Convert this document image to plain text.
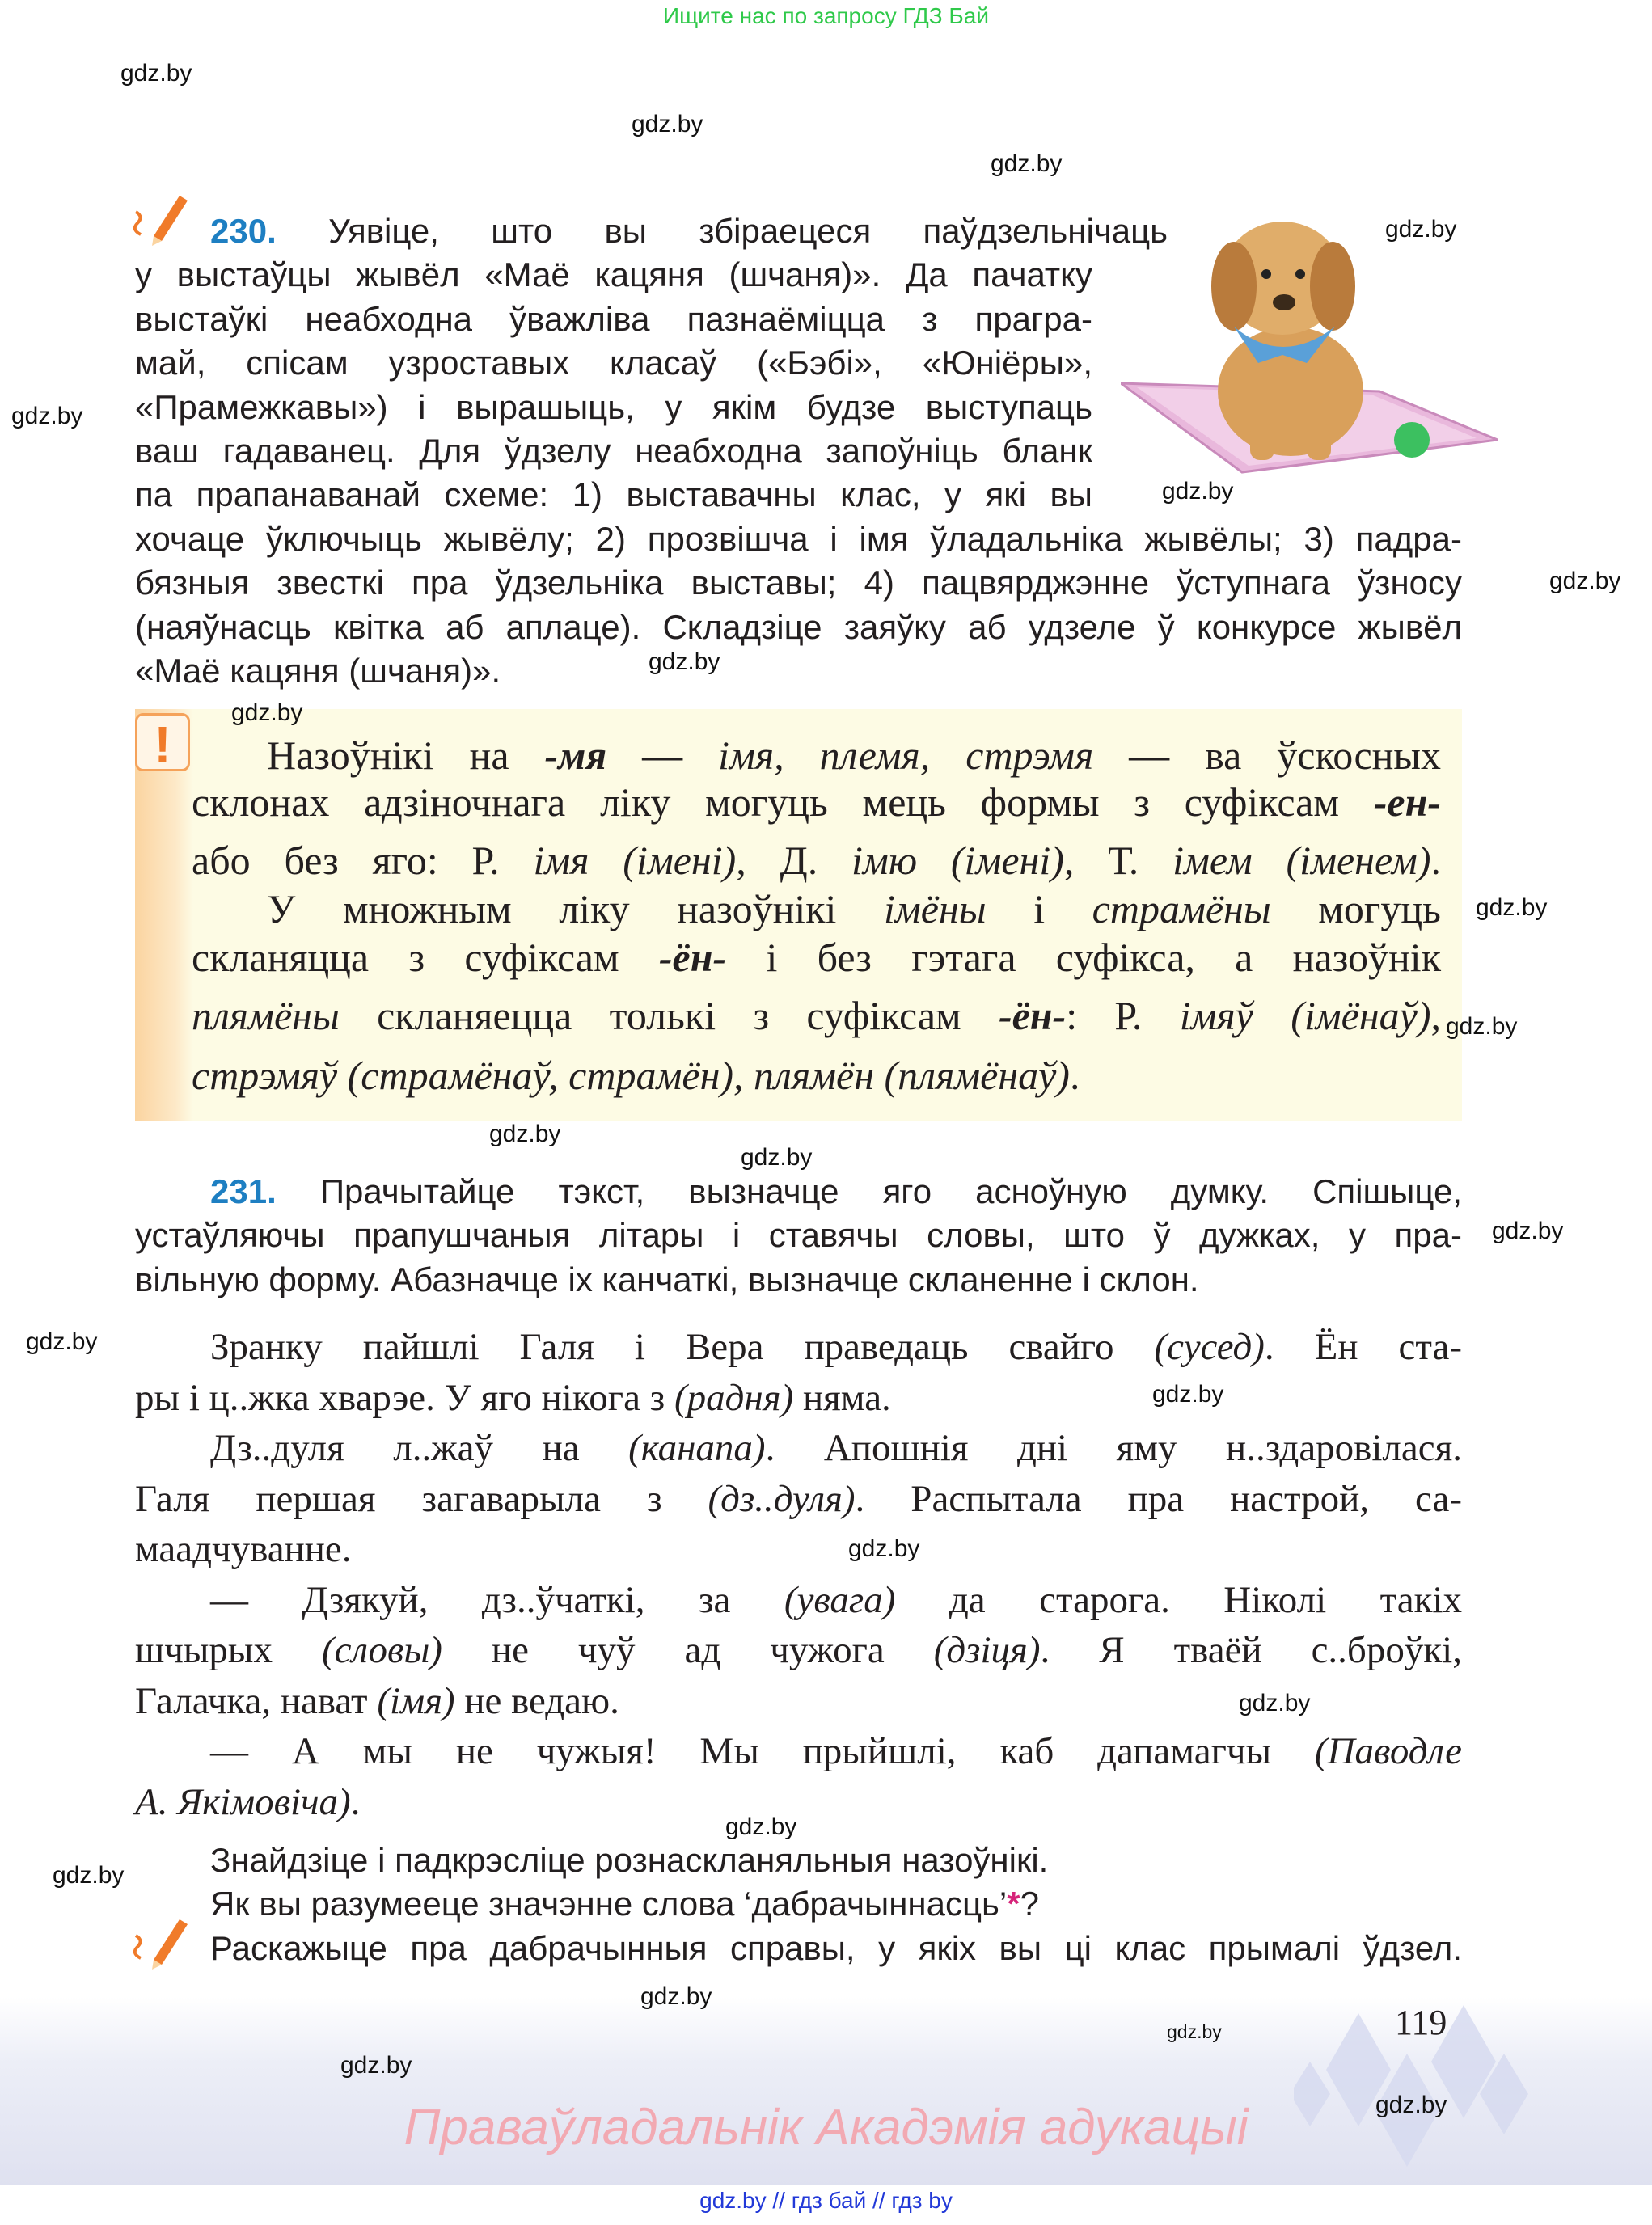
Ищите нас по запросу ГДЗ Бай
230. Уявіце, што вы збіраецеся паўдзельнічаць
у выстаўцы жывёл «Маё кацяня (шчаня)». Да пачатку
выстаўкі неабходна ўважліва пазнаёміцца з прагра-
май, спісам узроставых класаў («Бэбі», «Юніёры»,
«Прамежкавы») і вырашыць, у якім будзе выступаць
ваш гадаванец. Для ўдзелу неабходна запоўніць бланк
па прапанаванай схеме: 1) выставачны клас, у які вы
хочаце ўключыць жывёлу; 2) прозвішча і імя ўладальніка жывёлы; 3) падра-
бязныя звесткі пра ўдзельніка выставы; 4) пацвярджэнне ўступнага ўзносу
(наяўнасць квітка аб аплаце). Складзіце заяўку аб удзеле ў конкурсе жывёл
«Маё кацяня (шчаня)».
!	Назоўнікі на -мя — імя, племя, стрэмя — ва ўскосных
склонах адзіночнага ліку могуць мець формы з суфіксам -ен-
або без яго: Р. імя (імені), Д. імю (імені), Т. імем (іменем).
У множным ліку назоўнікі імёны і страмёны могуць
скланяцца з суфіксам -ён- і без гэтага суфікса, а назоўнік
плямёны скланяецца толькі з суфіксам -ён-: Р. імяў (імёнаў),
стрэмяў (страмёнаў, страмён), плямён (плямёнаў).
231. Прачытайце тэкст, вызначце яго асноўную думку. Спішыце,
устаўляючы прапушчаныя літары і ставячы словы, што ў дужках, у пра-
вільную форму. Абазначце іх канчаткі, вызначце скланенне і склон.
Зранку пайшлі Галя і Вера праведаць свайго (сусед). Ён ста-
ры і ц..жка хварэе. У яго нікога з (радня) няма.
Дз..дуля л..жаў на (канапа). Апошнія дні яму н..здаровілася.
Галя першая загаварыла з (дз..дуля). Распытала пра настрой, са-
маадчуванне.
— Дзякуй, дз..ўчаткі, за (увага) да старога. Ніколі такіх
шчырых (словы) не чуў ад чужога (дзіця). Я тваёй с..броўкі,
Галачка, нават (імя) не ведаю.
— А мы не чужыя! Мы прыйшлі, каб дапамагчы (Паводле
А. Якімовіча).
Знайдзіце і падкрэсліце рознаскланяльныя назоўнікі.
Як вы разумееце значэнне слова ‘дабрачыннасць’*?
Раскажыце пра дабрачынныя справы, у якіх вы ці клас прымалі ўдзел.
119
Праваўладальнік Акадэмія адукацыі
gdz.by // гдз бай // гдз by
gdz.by
gdz.by
gdz.by
gdz.by
gdz.by
gdz.by
gdz.by
gdz.by
gdz.by
gdz.by
gdz.by
gdz.by
gdz.by
gdz.by
gdz.by
gdz.by
gdz.by
gdz.by
gdz.by
gdz.by
gdz.by
gdz.by
gdz.by
gdz.by
